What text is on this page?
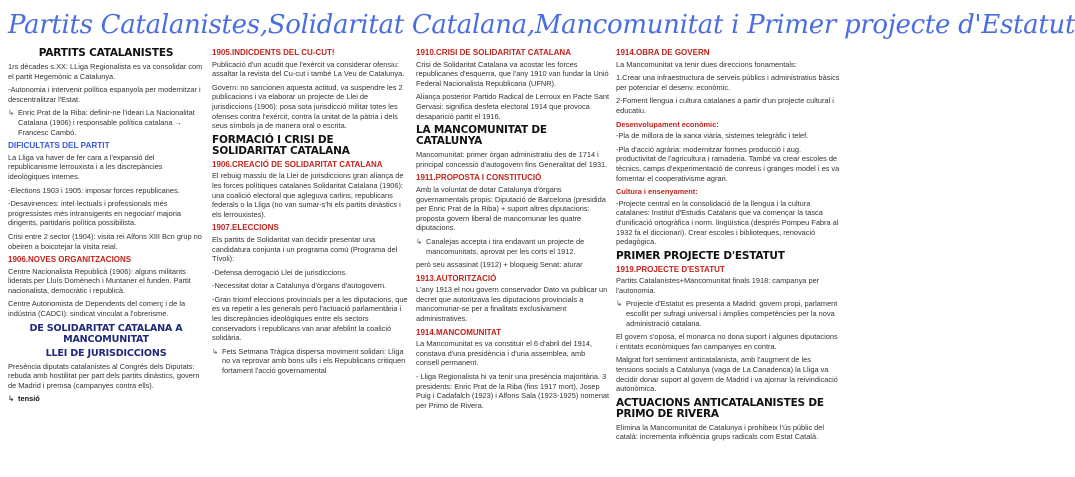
Partits Catalanistes,Solidaritat Catalana,Mancomunitat i Primer projecte d'Estatut
PARTITS CATALANISTES

1rs dècades s.XX: LLiga Regionalista es va consolidar com el partit Hegemònic a Catalunya.

-Autonomia i intervenir política espanyola per modernitzar i descentralitzar l'Estat.

↳ Enric Prat de la Riba: definir-ne l'ideari La Nacionalitat Catalana (1906) i responsable política catalana → Francesc Cambó.

DIFICULTATS DEL PARTIT

La Lliga va haver de fer cara a l'expansió del republicanisme lerrouxista i a les discrepàncies ideològiques internes.

-Elections 1903 i 1905: imposar forces republicanes.

-Desavinences: intel·lectuals i professionals més progressistes més intransigents en negociar/ majoria dirigents, partidaris política possibilista.

Crisi entre 2 sector (1904): visita rei Alfons XIII Bcn grup no obeiren a boicotejar la visita reial.

1906.NOVES ORGANITZACIONS

Centre Nacionalista Republicà (1906): alguns militants liderats per Lluís Domènech i Muntaner el funden. Partit nacionalista, democràtic i republicà.

Centre Autonomista de Dependents del comerç i de la indústria (CADCI): sindicat vinculat a l'obrerisme.

DE SOLIDARITAT CATALANA A MANCOMUNITAT
LLEI DE JURISDICCIONS

Presència diputats catalanistes al Congrés dels Diputats: rebuda amb hostilitat per part dels partits dinàstics, govern de Madrid i premsa (campanyes contra ells).

↳ tensió

1905.INDICDENTS DEL CU-CUT!

Publicació d'un acudit que l'exèrcit va considerar ofensiu: assaltar la revista del Cu-cut i també La Veu de Catalunya.

Govern: no sancionen aquesta actitud, va suspendre les 2 publicacions i va elaborar un projecte de Llei de jurisdiccions (1906): posa sota jurisdicció militar totes les ofenses contra l'exèrcit, contra la unitat de la pàtria i dels seus símbols ja de manera oral o escrita.

FORMACIÓ I CRISI DE SOLIDARITAT CATALANA
1906.CREACIÓ DE SOLIDARITAT CATALANA

El rebuig massiu de la Llei de jurisdiccions gran aliança de les forces polítiques catalanes Solidaritat Catalana (1906): una coalició electoral que agleguva carlins, republicans federals o la Lliga (no van sumar-s'hi els partits dinàstics i els lerrouxistes).

1907.ELECCIONS

Els partits de Solidaritat van decidir presentar una candidatura conjunta i un programa comú (Programa del Tívoli):

-Defensa derrogació Llei de jurisdiccions.

-Necessitat dotar a Catalunya d'òrgans d'autogovern.

-Gran triomf eleccions provincials per a les diputacions, que es va repetir a les generals però l'actuació parlamentària i les discrepàncies ideològiques entre els sectors conservadors i republicans van anar afeblint la coalició solidària.

↳ Fets Setmana Tràgica dispersa moviment solidari: Lliga no va reprovar amb bons ulls i els Republicans critiquen fortament l'acció governamental

1910.CRISI DE SOLIDARITAT CATALANA

Crisi de Solidaritat Catalana va acostar les forces republicanes d'esquerra, que l'any 1910 van fundar la Unió Federal Nacionalista Republicana (UFNR).

Aliança posterior Partido Radical de Lerroux en Pacte Sant Gervasi: significa desfeta electoral 1914 que provoca desaparició partit el 1916.

LA MANCOMUNITAT DE CATALUNYA

Mancomunitat: primer òrgan administratiu des de 1714 i principal concessió d'autogovern fins Generalitat del 1931.

1911.PROPOSTA I CONSTITUCIÓ

Amb la voluntat de dotar Catalunya d'òrgans governamentals propis: Diputació de Barcelona (presidida per Enric Prat de la Riba) + suport altres diputacions: proposta govern liberal de mancomunar les quatre diputacions.

↳ Canalejas accepta i tira endavant un projecte de mancomunitats, aprovat per les corts el 1912.

però seu assasinat (1912) + bloqueig Senat: aturar

1913.AUTORITZACIÓ

L'any 1913 el nou govern conservador Dato va publicar un decret que autoritzava les diputacions provincials a mancomunar-se per a finalitats exclusivament administratives.

1914.MANCOMUNITAT

La Mancomunitat es va constituir el 6 d'abril del 1914, constava d'una presidència i d'una assemblea, amb consell permanent.

- Lliga Regionalista hi va tenir una presència majoritària. 3 presidents: Enric Prat de la Riba (fins 1917 mort), Josep Puig i Cadafalch (1923) i Alfons Sala (1923-1925) nomenat per Primo de Rivera.

1914.OBRA DE GOVERN

La Mancomunitat va tenir dues direccions fonamentals:

1.Crear una infraestructura de serveis públics i administratius bàsics per potenciar el desenv. econòmic.

2-Foment llengua i cultura catalanes a partir d'un projecte cultural i educatiu.

Desenvolupament econòmic:

-Pla de millora de la xarxa viària, sistemes telegràfic i telef.

-Pla d'acció agrària: modernitzar formes producció i aug. productivitat de l'agricultura i ramaderia. També va crear escoles de tècnics, camps d'experimentació de conreus i granges model i es va fomentar el cooperativisme agrari.

Cultura i ensenyament:

-Projecte central en la consolidació de la llengua i la cultura catalanes: Institut d'Estudis Catalans que va començar la tasca d'unificació ortogràfica i norm. lingüística (després Pompeu Fabra al 1932 fa el diccionari). Crear escoles i biblioteques, renovació pedagògica.

PRIMER PROJECTE D'ESTATUT
1919.PROJECTE D'ESTATUT

Partits Catalanistes+Mancomunitat finals 1918: campanya per l'autonomia.

↳ Projecte d'Estatut es presenta a Madrid: govern propi, parlament escollit per sufragi universal i àmplies competències per la nova administració catalana.

El govern s'oposa, el monarca no dona suport i algunes diputacions i entitats econòmiques fan campanyes en contra.

Malgrat fort sentiment anticatalanista, amb l'augment de les tensions socials a Catalunya (vaga de La Canadenca) la Lliga va decidir donar suport al govern de Madrid i va ajornar la reivindicació autonòmica.

ACTUACIONS ANTICATALANISTES DE PRIMO DE RIVERA

Elimina la Mancomunitat de Catalunya i prohibeix l'ús públic del català: incrementa influència grups radicals com Estat Català.
